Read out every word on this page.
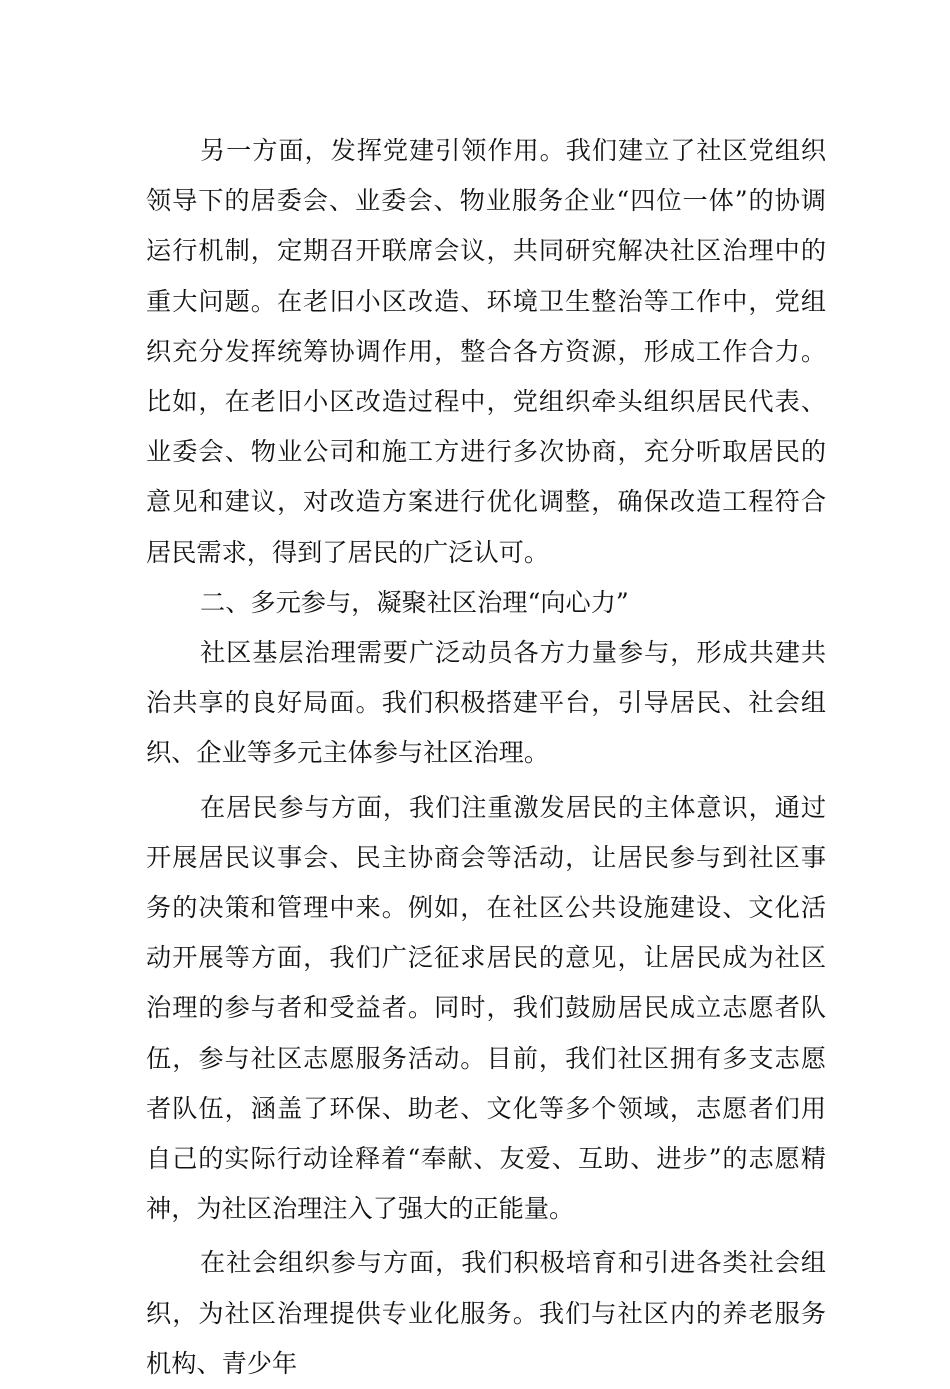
另一方面，发挥党建引领作用。我们建立了社区党组织领导下的居委会、业委会、物业服务企业“四位一体”的协调运行机制，定期召开联席会议，共同研究解决社区治理中的重大问题。在老旧小区改造、环境卫生整治等工作中，党组织充分发挥统筹协调作用，整合各方资源，形成工作合力。比如，在老旧小区改造过程中，党组织牵头组织居民代表、业委会、物业公司和施工方进行多次协商，充分听取居民的意见和建议，对改造方案进行优化调整，确保改造工程符合居民需求，得到了居民的广泛认可。

二、多元参与，凝聚社区治理“向心力”

社区基层治理需要广泛动员各方力量参与，形成共建共治共享的良好局面。我们积极搭建平台，引导居民、社会组织、企业等多元主体参与社区治理。

在居民参与方面，我们注重激发居民的主体意识，通过开展居民议事会、民主协商会等活动，让居民参与到社区事务的决策和管理中来。例如，在社区公共设施建设、文化活动开展等方面，我们广泛征求居民的意见，让居民成为社区治理的参与者和受益者。同时，我们鼓励居民成立志愿者队伍，参与社区志愿服务活动。目前，我们社区拥有多支志愿者队伍，涵盖了环保、助老、文化等多个领域，志愿者们用自己的实际行动诠释着“奉献、友爱、互助、进步”的志愿精神，为社区治理注入了强大的正能量。

在社会组织参与方面，我们积极培育和引进各类社会组织，为社区治理提供专业化服务。我们与社区内的养老服务机构、青少年
